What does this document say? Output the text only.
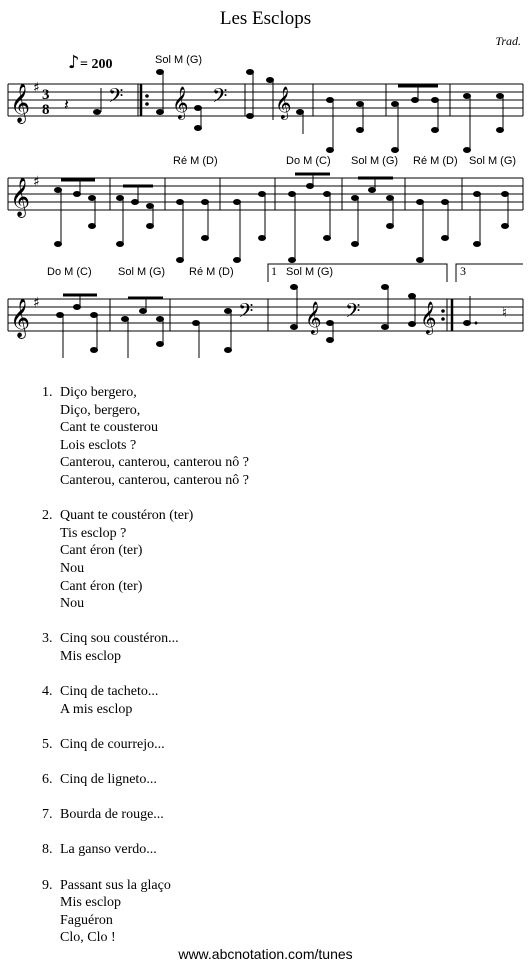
Les Esclops
Trad.
𝄞 ♯ 3
8
♪ = 200
𝄽 𝄢
Sol M (G)
𝄞 𝄢 𝄞
𝄞 ♯
Ré M (D)	Do M (C) Sol M (G) Ré M (D) Sol M (G)
𝄞 ♯
Do M (C) Sol M (G) Ré M (D)	Sol M (G)
1	3
𝄢 𝄞 𝄢 𝄞	♮
1. Diço bergero,
Diço, bergero,
Cant te cousterou
Lois esclots ?
Canterou, canterou, canterou nô ?
Canterou, canterou, canterou nô ?
2. Quant te coustéron (ter)
Tis esclop ?
Cant éron (ter)
Nou
Cant éron (ter)
Nou
3. Cinq sou coustéron...
Mis esclop
4. Cinq de tacheto...
A mis esclop
5. Cinq de courrejo...
6. Cinq de ligneto...
7. Bourda de rouge...
8. La ganso verdo...
9. Passant sus la glaço
Mis esclop
Faguéron
Clo, Clo !
www.abcnotation.com/tunes
